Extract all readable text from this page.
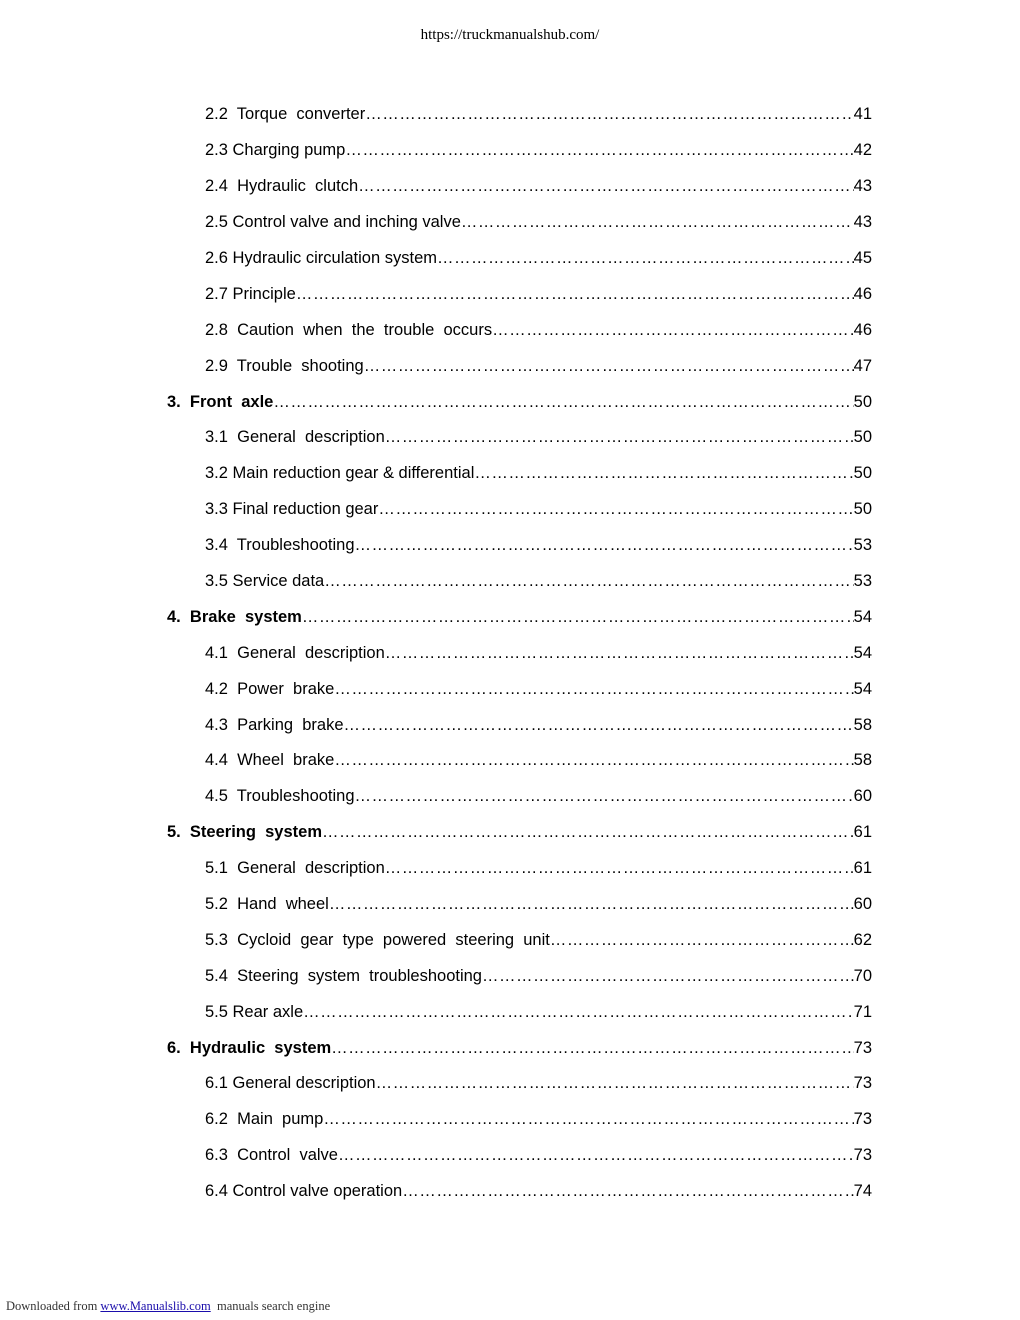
https://truckmanualshub.com/
2.2  Torque  converter ……………………………………………………………………………………………………………………………………………………………………………………	41
2.3 Charging pump ……………………………………………………………………………………………………………………………………………………………………………………	42
2.4  Hydraulic  clutch ……………………………………………………………………………………………………………………………………………………………………………………	43
2.5 Control valve and inching valve ……………………………………………………………………………………………………………………………………………………………………………………	43
2.6 Hydraulic circulation system ……………………………………………………………………………………………………………………………………………………………………………………	45
2.7 Principle ……………………………………………………………………………………………………………………………………………………………………………………	46
2.8  Caution  when  the  trouble  occurs ……………………………………………………………………………………………………………………………………………………………………………………	46
2.9  Trouble  shooting ……………………………………………………………………………………………………………………………………………………………………………………	47
3.  Front  axle ……………………………………………………………………………………………………………………………………………………………………………………	50
3.1  General  description ……………………………………………………………………………………………………………………………………………………………………………………	50
3.2 Main reduction gear & differential ……………………………………………………………………………………………………………………………………………………………………………………	50
3.3 Final reduction gear ……………………………………………………………………………………………………………………………………………………………………………………	50
3.4  Troubleshooting ……………………………………………………………………………………………………………………………………………………………………………………	53
3.5 Service data ……………………………………………………………………………………………………………………………………………………………………………………	53
4.  Brake  system ……………………………………………………………………………………………………………………………………………………………………………………	54
4.1  General  description ……………………………………………………………………………………………………………………………………………………………………………………	54
4.2  Power  brake ……………………………………………………………………………………………………………………………………………………………………………………	54
4.3  Parking  brake ……………………………………………………………………………………………………………………………………………………………………………………	58
4.4  Wheel  brake ……………………………………………………………………………………………………………………………………………………………………………………	58
4.5  Troubleshooting ……………………………………………………………………………………………………………………………………………………………………………………	60
5.  Steering  system ……………………………………………………………………………………………………………………………………………………………………………………	61
5.1  General  description ……………………………………………………………………………………………………………………………………………………………………………………	61
5.2  Hand  wheel ……………………………………………………………………………………………………………………………………………………………………………………	60
5.3  Cycloid  gear  type  powered  steering  unit ……………………………………………………………………………………………………………………………………………………………………………………	62
5.4  Steering  system  troubleshooting ……………………………………………………………………………………………………………………………………………………………………………………	70
5.5 Rear axle ……………………………………………………………………………………………………………………………………………………………………………………	71
6.  Hydraulic  system ……………………………………………………………………………………………………………………………………………………………………………………	73
6.1 General description ……………………………………………………………………………………………………………………………………………………………………………………	73
6.2  Main  pump ……………………………………………………………………………………………………………………………………………………………………………………	73
6.3  Control  valve ……………………………………………………………………………………………………………………………………………………………………………………	73
6.4 Control valve operation ……………………………………………………………………………………………………………………………………………………………………………………	74
Downloaded from www.Manualslib.com  manuals search engine
